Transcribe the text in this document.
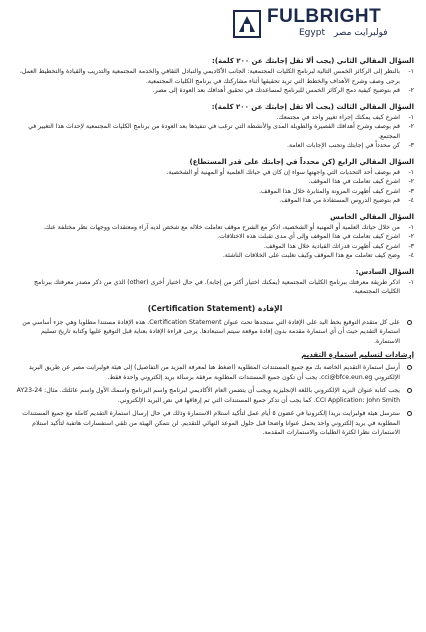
FULBRIGHT
Egypt فولبرايت مصر
السؤال المقالي الثاني (يجب ألا تقل إجابتك عن ٢٠٠ كلمة):
١-
بالنظر إلى الركائز الخمس التالية لبرنامج الكليات المجتمعية: الجانب الأكاديمي والتبادل الثقافي والخدمة المجتمعية والتدريب والقيادة والتخطيط العمل، برجى وصف وشرح الأهداف والخطط التي تريد تحقيقها أثناء مشاركتك في برنامج الكليات المجتمعية.
٢-
قم بتوضيح كيفية دمج الركائز الخمس للبرنامج لمساعدتك في تحقيق أهدافك بعد العودة إلى مصر.
السؤال المقالي الثالث (يجب ألا تقل إجابتك عن ٢٠٠ كلمة):
١-
اشرح كيف يمكنك إجراء تغيير واحد في مجتمعك.
٢-
قم بوصف وشرح أهدافك القصيرة والطويلة المدى والأنشطة التي ترغب في تنفيذها بعد العودة من برنامج الكليات المجتمعية لإحداث هذا التغيير في المجتمع.
٣-
كن محدداً في إجابتك وتجنب الإجابات العامة.
السؤال المقالي الرابع (كن محدداً في إجابتك على قدر المستطاع)
١-
قم بوصف أحد التحديات التي واجهتها سواء إن كان في حياتك العلمية أو المهنية أو الشخصية.
٢-
اشرح كيف تعاملت في هذا الموقف.
٣-
اشرح كيف أظهرت المرونة والمثابرة خلال هذا الموقف.
٤-
قم بتوضيح الدروس المستفادة من هذا الموقف.
السؤال المقالي الخامس
١-
من خلال حياتك العلمية أو المهنية أو الشخصية، اذكر مع الشرح موقف تعاملت خلاله مع شخص لديه آراء ومعتقدات ووجهات نظر مختلفة عنك.
٢-
اشرح كيف تعاملت في هذا الموقف وإلى أي مدى تقبلت هذه الاختلافات.
٣-
اشرح كيف أظهرت قدراتك القيادية خلال هذا الموقف.
٤-
وضح كيف تعاملت مع هذا الموقف وكيف تغلبت على الخلافات الناشئة.
السؤال السادس:
١-
اذكر طريقة معرفتك ببرنامج الكليات المجتمعية (يمكنك اختيار أكثر من إجابة). في حال اختيار أخرى (other) الذي من ذكر مصدر معرفتك ببرنامج الكليات المجتمعية.
الإفادة (Certification Statement)
على كل متقدم التوقيع بخط اليد على الإفادة التي ستجدها تحت عنوان Certification Statement. هذه الإفادة مستندا مطلوبا وهي جزء أساسي من استمارة التقديم حيث أن أي استمارة مقدمة بدون إفادة موقعة سيتم استبعادها. يرجى قراءة الإفادة بعناية قبل التوقيع عليها وكتابة تاريخ تسليم الاستمارة.
إرشادات لتسليم استمارة التقديم
أرسل استمارة التقديم الخاصة بك مع جميع المستندات المطلوبة (اضغط هنا لمعرفة المزيد من التفاصيل) إلى هيئة فولبرايت مصر عن طريق البريد الإلكتروني cci@bfce.eun.eg. يجب أن تكون جميع المستندات المطلوبة مرفقة برسالة بريد إلكتروني واحدة فقط.
يجب كتابة عنوان البريد الإلكتروني باللغة الإنجليزية ويجب أن يتضمن العام الأكاديمي لبرنامج واسم البرنامج واسمك الأول واسم عائلتك. مثال: AY23-24 CCI Application: John Smith. كما يجب أن تذكر جميع المستندات التي تم إرفاقها في نص البريد الإلكتروني.
سترسل هيئة فولبرايت بريدا إلكترونيا في غضون ٥ أيام عمل لتأكيد استلام الاستمارة وذلك في حال إرسال استمارة التقديم كاملة مع جميع المستندات المطلوبة في بريد إلكتروني واحد يحمل عنوانا واضحا قبل حلول الموعد النهائي للتقديم. لن نتمكن الهيئة من تلقي استفسارات هاتفية لتأكيد استلام الاستمارات نظرا لكثرة الطلبات والاستمارات المقدمة.
